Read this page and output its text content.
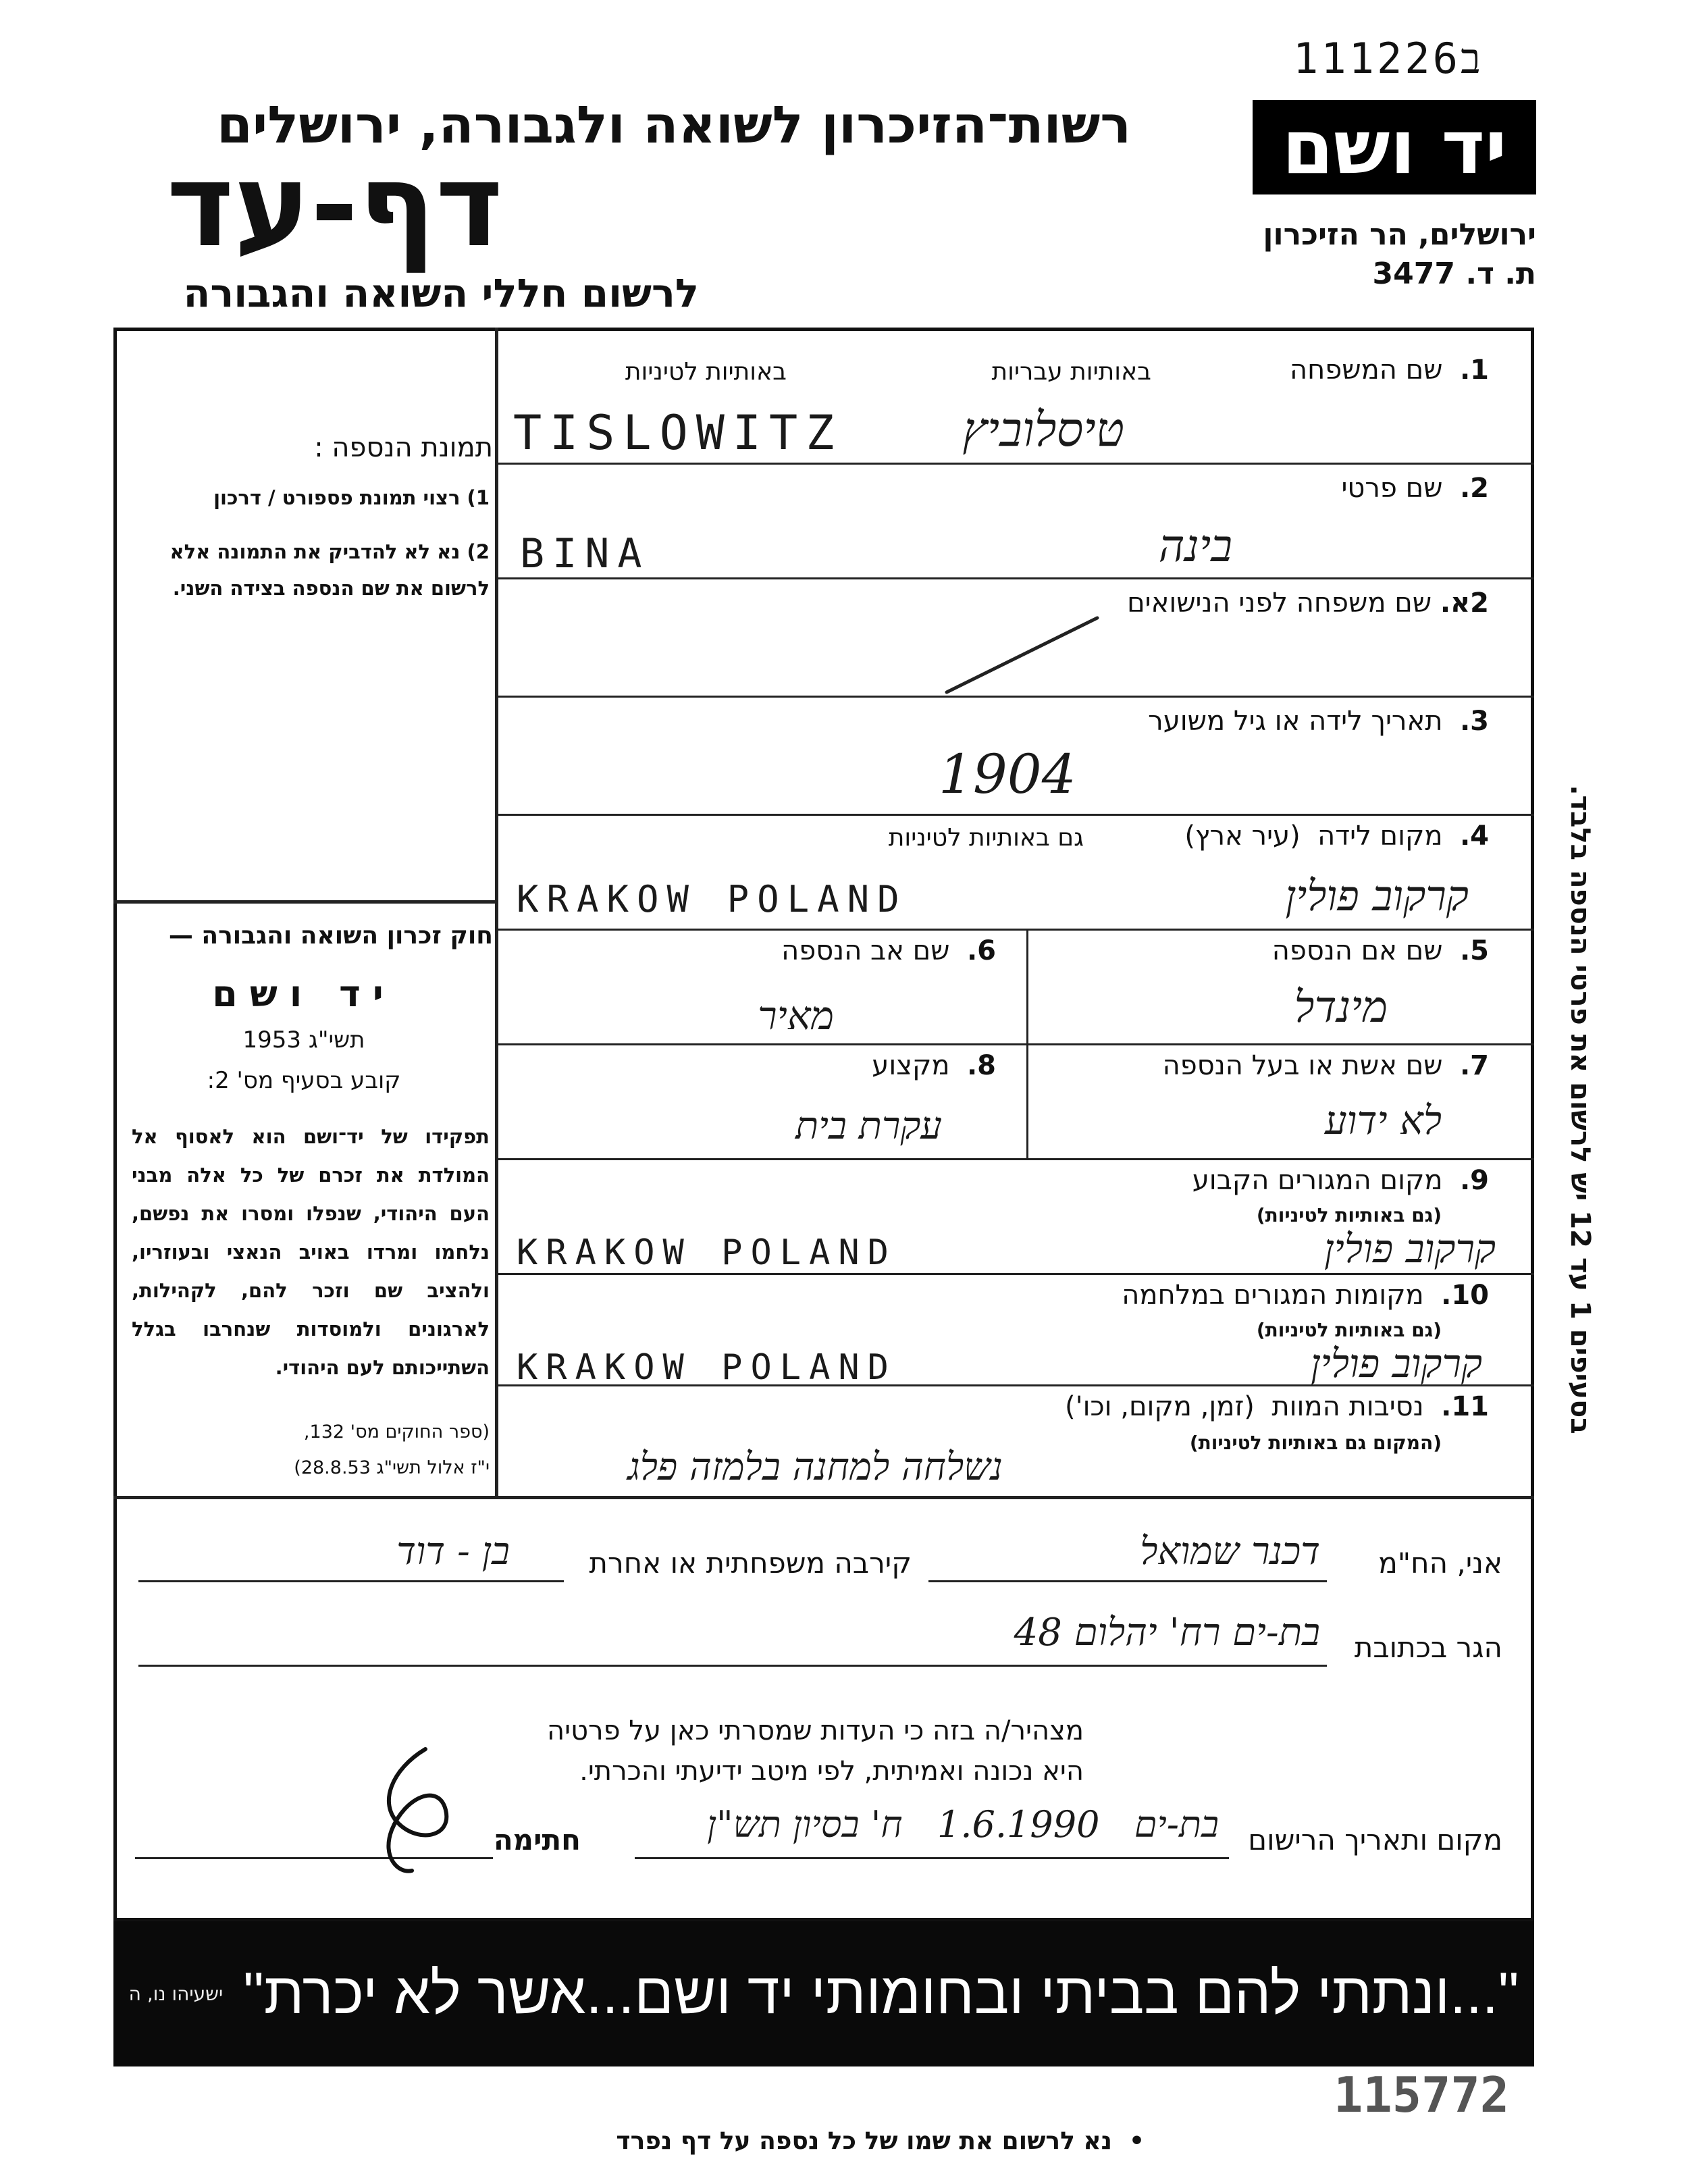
ב111226
רשות־הזיכרון לשואה ולגבורה, ירושלים
דף-עד
לרשום חללי השואה והגבורה
יד ושם
ירושלים, הר הזיכרון
ת. ד. 3477
תמונת הנספה :
1) רצוי תמונת פספורט / דרכון
2) נא לא להדביק את התמונה אלא לרשום את שם הנספה בצידה השני.
חוק זכרון השואה והגבורה —
יד ושם
תשי"ג 1953
קובע בסעיף מס' 2:
תפקידו של יד־ושם הוא לאסוף אל המולדת את זכרם של כל אלה מבני העם היהודי, שנפלו ומסרו את נפשם, נלחמו ומרדו באויב הנאצי ובעוזריו, ולהציב שם וזכר להם, לקהילות, לארגונים ולמוסדות שנחרבו בגלל השתייכותם לעם היהודי.
(ספר החוקים מס' 132,
י"ז אלול תשי"ג 28.8.53)
1.  שם המשפחה
באותיות עבריות
באותיות לטיניות
טיסלוביץ
TISLOWITZ
2.  שם פרטי
בינה
BINA
2א. שם משפחה לפני הנישואים
3.  תאריך לידה או גיל משוער
1904
4.  מקום לידה  (עיר ארץ)
גם באותיות לטיניות
קרקוב פולין
KRAKOW POLAND
5.  שם אם הנספה
מינדל
6.  שם אב הנספה
מאיר
7.  שם אשת או בעל הנספה
לא ידוע
8.  מקצוע
עקרת בית
9.  מקום המגורים הקבוע
(גם באותיות לטיניות)
קרקוב פולין
KRAKOW POLAND
10.  מקומות המגורים במלחמה
(גם באותיות לטיניות)
קרקוב פולין
KRAKOW POLAND
11.  נסיבות המוות  (זמן, מקום, וכו')
(המקום גם באותיות לטיניות)
נשלחה למחנה בלמזה פלג
אני, הח"מ
דכנר שמואל
קירבה משפחתית או אחרת
בן - דוד
הגר בכתובת
בת-ים רח' יהלום 48
מצהיר/ה בזה כי העדות שמסרתי כאן על פרטיה
היא נכונה ואמיתית, לפי מיטב ידיעתי והכרתי.
מקום ותאריך הרישום
בת-ים   1.6.1990   ח' בסיון תש"ן
חתימה
בסעיפים 1 עד 12 יש לרשום את פרטי הנספה בלבד.
"...ונתתי להם בביתי ובחומותי יד ושם...אשר לא יכרת"
ישעיהו נו, ה
115772
•  נא לרשום את שמו של כל נספה על דף נפרד
